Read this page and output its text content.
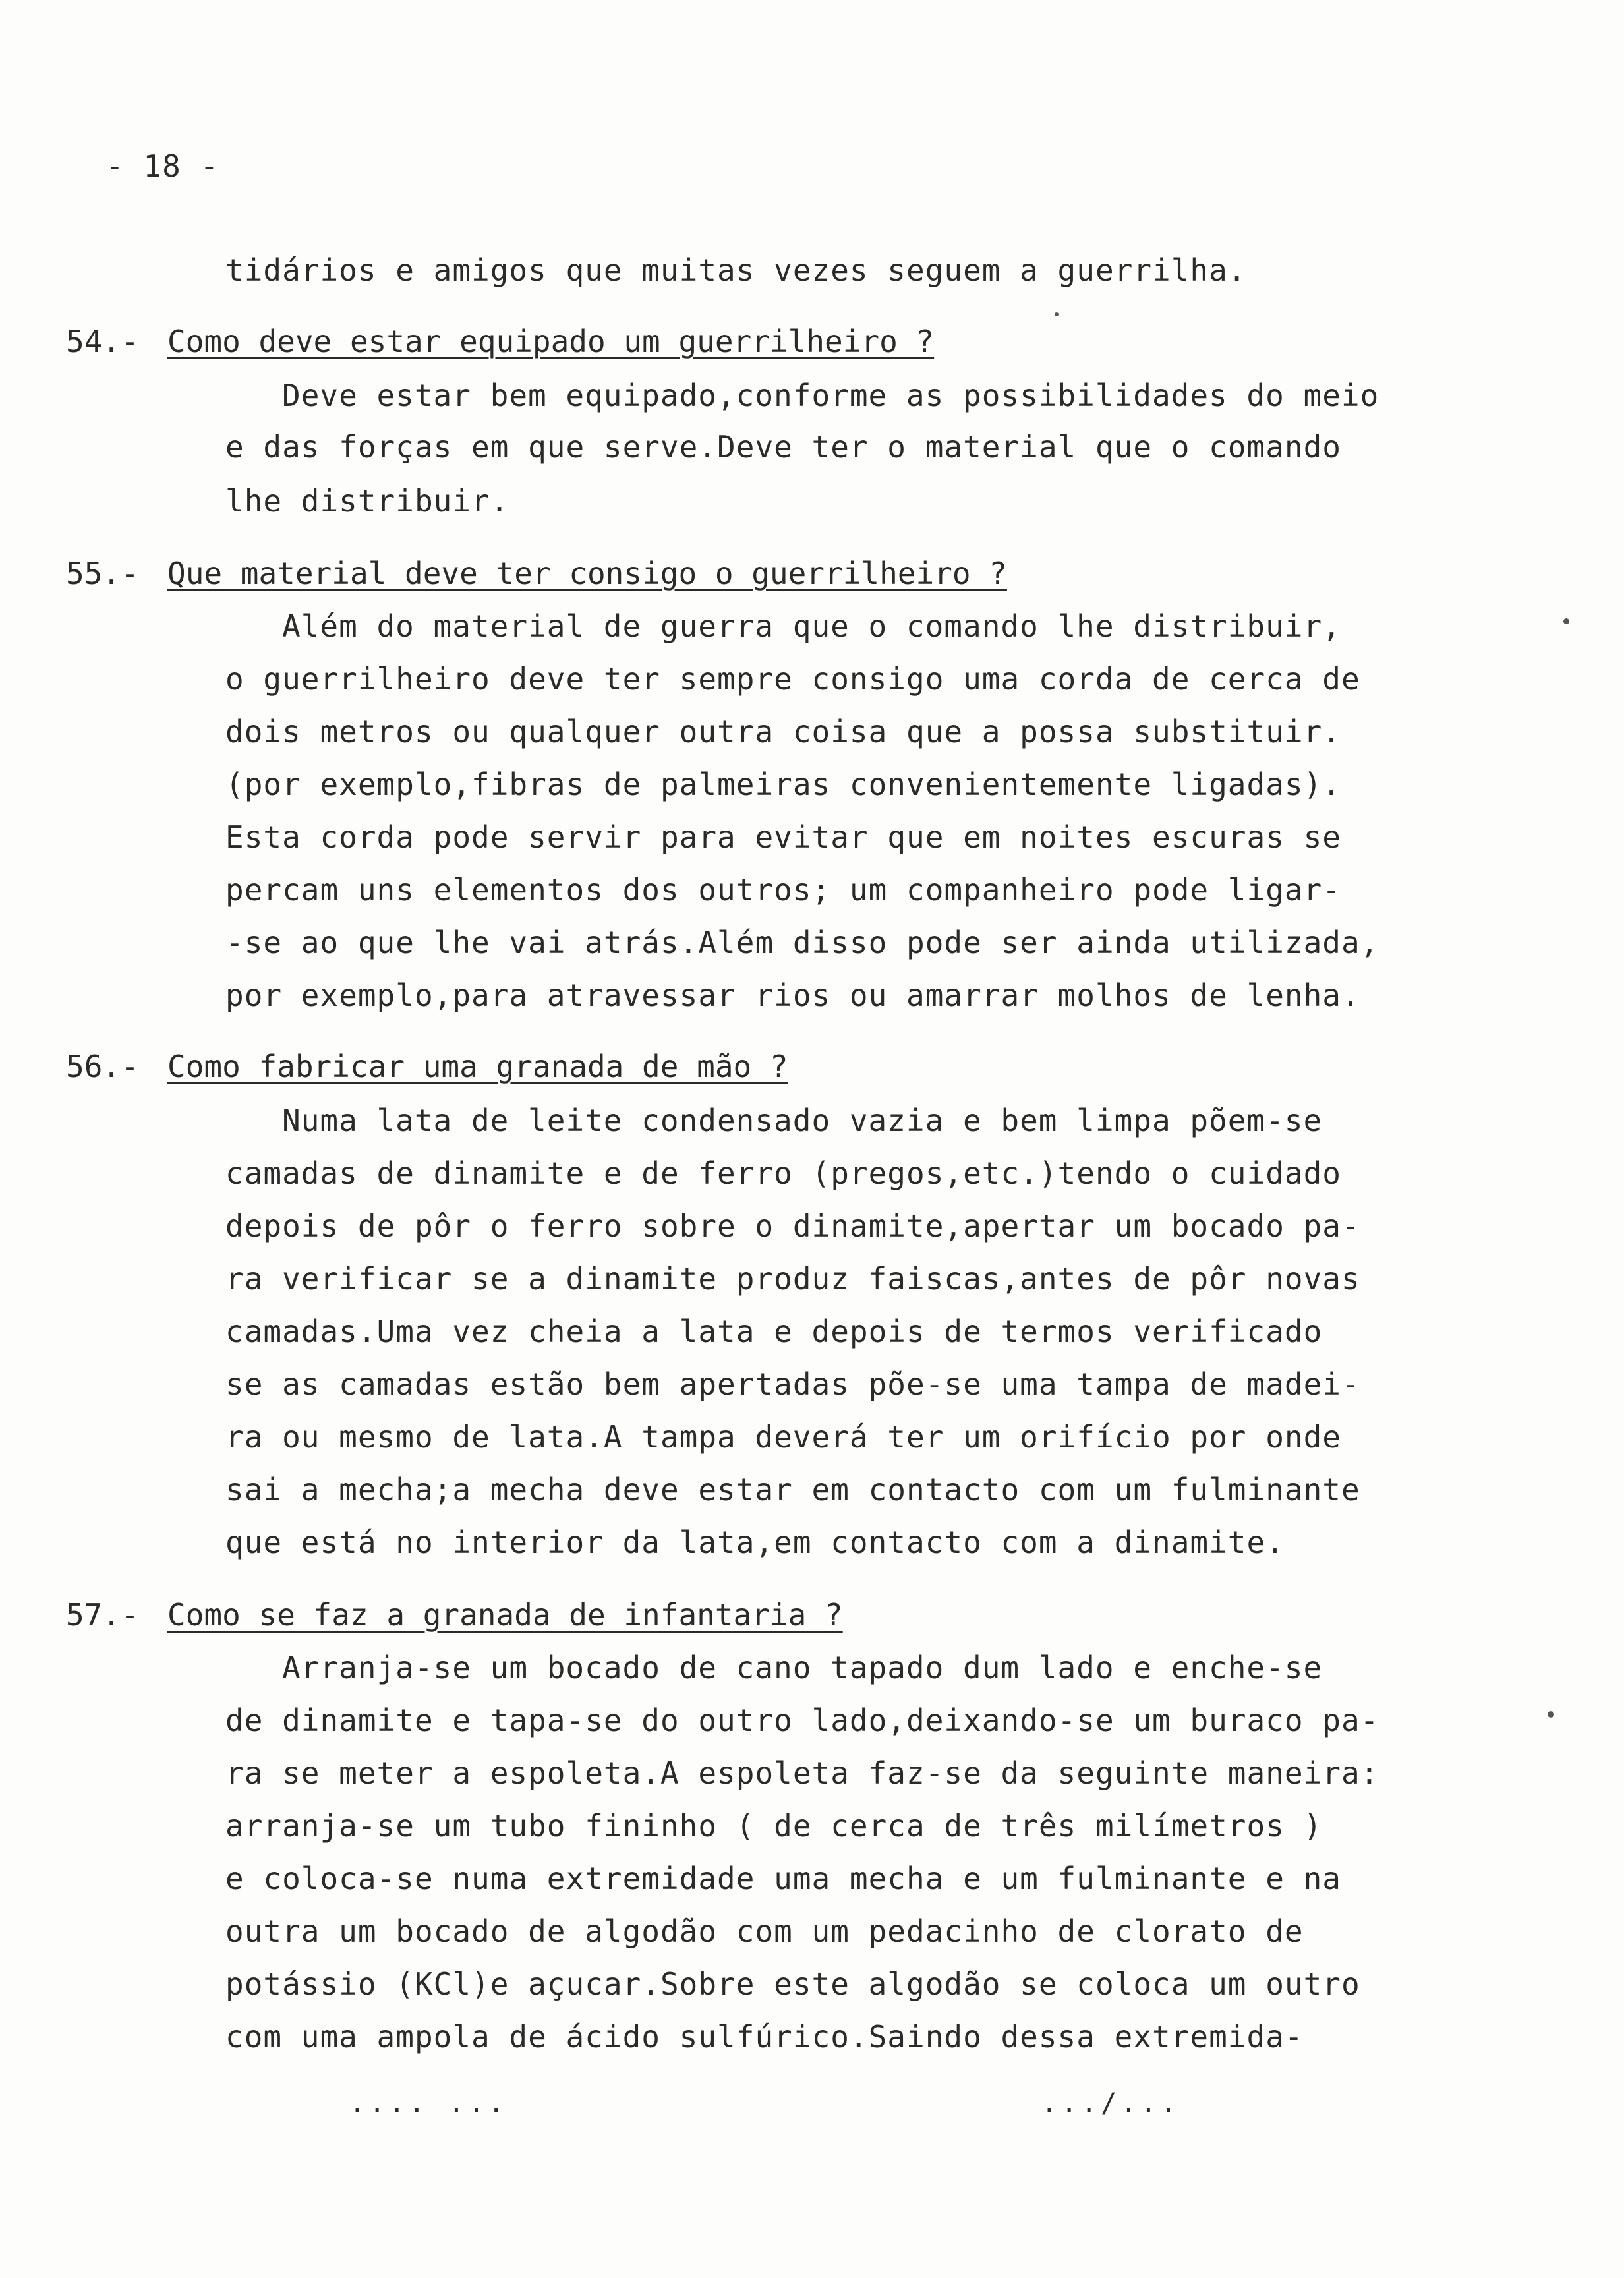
- 18 -
tidários e amigos que muitas vezes seguem a guerrilha.
54.- Como deve estar equipado um guerrilheiro ?
Deve estar bem equipado,conforme as possibilidades do meio
e das forças em que serve.Deve ter o material que o comando
lhe distribuir.
55.- Que material deve ter consigo o guerrilheiro ?
Além do material de guerra que o comando lhe distribuir,
o guerrilheiro deve ter sempre consigo uma corda de cerca de
dois metros ou qualquer outra coisa que a possa substituir.
(por exemplo,fibras de palmeiras convenientemente ligadas).
Esta corda pode servir para evitar que em noites escuras se
percam uns elementos dos outros; um companheiro pode ligar-
-se ao que lhe vai atrás.Além disso pode ser ainda utilizada,
por exemplo,para atravessar rios ou amarrar molhos de lenha.
56.- Como fabricar uma granada de mão ?
Numa lata de leite condensado vazia e bem limpa põem-se
camadas de dinamite e de ferro (pregos,etc.)tendo o cuidado
depois de pôr o ferro sobre o dinamite,apertar um bocado pa-
ra verificar se a dinamite produz faiscas,antes de pôr novas
camadas.Uma vez cheia a lata e depois de termos verificado
se as camadas estão bem apertadas põe-se uma tampa de madei-
ra ou mesmo de lata.A tampa deverá ter um orifício por onde
sai a mecha;a mecha deve estar em contacto com um fulminante
que está no interior da lata,em contacto com a dinamite.
57.- Como se faz a granada de infantaria ?
Arranja-se um bocado de cano tapado dum lado e enche-se
de dinamite e tapa-se do outro lado,deixando-se um buraco pa-
ra se meter a espoleta.A espoleta faz-se da seguinte maneira:
arranja-se um tubo fininho ( de cerca de três milímetros )
e coloca-se numa extremidade uma mecha e um fulminante e na
outra um bocado de algodão com um pedacinho de clorato de
potássio (KCl)e açucar.Sobre este algodão se coloca um outro
com uma ampola de ácido sulfúrico.Saindo dessa extremida-
.... ...	.../...
